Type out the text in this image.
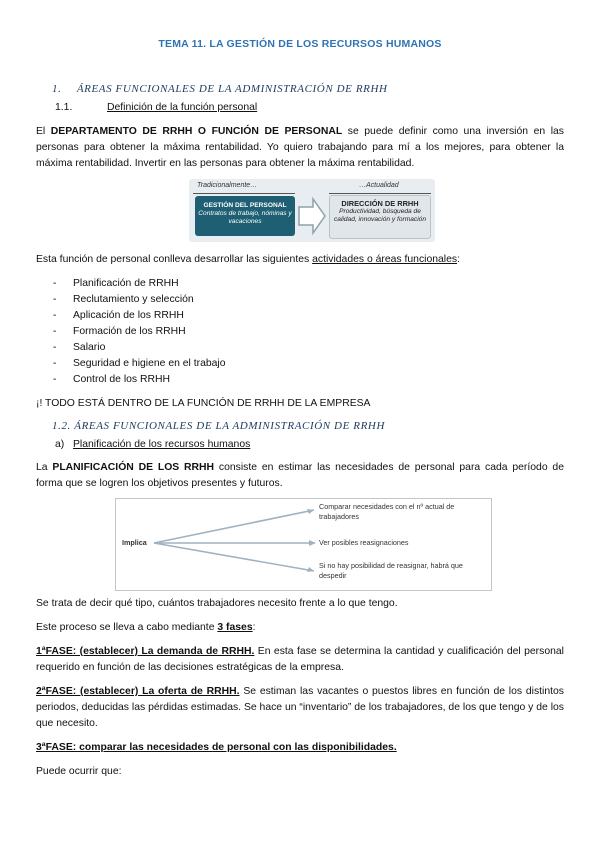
TEMA 11. LA GESTIÓN DE LOS RECURSOS HUMANOS
1. ÁREAS FUNCIONALES DE LA ADMINISTRACIÓN DE RRHH
1.1.	Definición de la función personal
El DEPARTAMENTO DE RRHH O FUNCIÓN DE PERSONAL se puede definir como una inversión en las personas para obtener la máxima rentabilidad. Yo quiero trabajando para mí a los mejores, para obtener la máxima rentabilidad. Invertir en las personas para obtener la máxima rentabilidad.
Tradicionalmente…	…Actualidad
GESTIÓN DEL PERSONAL
Contratos de trabajo, nóminas y vacaciones
DIRECCIÓN DE RRHH
Productividad, búsqueda de calidad, innovación y formación
Esta función de personal conlleva desarrollar las siguientes actividades o áreas funcionales:
- Planificación de RRHH
- Reclutamiento y selección
- Aplicación de los RRHH
- Formación de los RRHH
- Salario
- Seguridad e higiene en el trabajo
- Control de los RRHH
¡! TODO ESTÁ DENTRO DE LA FUNCIÓN DE RRHH DE LA EMPRESA
1.2. ÁREAS FUNCIONALES DE LA ADMINISTRACIÓN DE RRHH
a) Planificación de los recursos humanos
La PLANIFICACIÓN DE LOS RRHH consiste en estimar las necesidades de personal para cada período de forma que se logren los objetivos presentes y futuros.
Implica
Comparar necesidades con el nº actual de trabajadores
Ver posibles reasignaciones
Si no hay posibilidad de reasignar, habrá que despedir
Se trata de decir qué tipo, cuántos trabajadores necesito frente a lo que tengo.
Este proceso se lleva a cabo mediante 3 fases:
1ªFASE: (establecer) La demanda de RRHH. En esta fase se determina la cantidad y cualificación del personal requerido en función de las decisiones estratégicas de la empresa.
2ªFASE: (establecer) La oferta de RRHH. Se estiman las vacantes o puestos libres en función de los distintos periodos, deducidas las pérdidas estimadas. Se hace un “inventario” de los trabajadores, de los que tengo y de los que necesito.
3ªFASE: comparar las necesidades de personal con las disponibilidades.
Puede ocurrir que:
